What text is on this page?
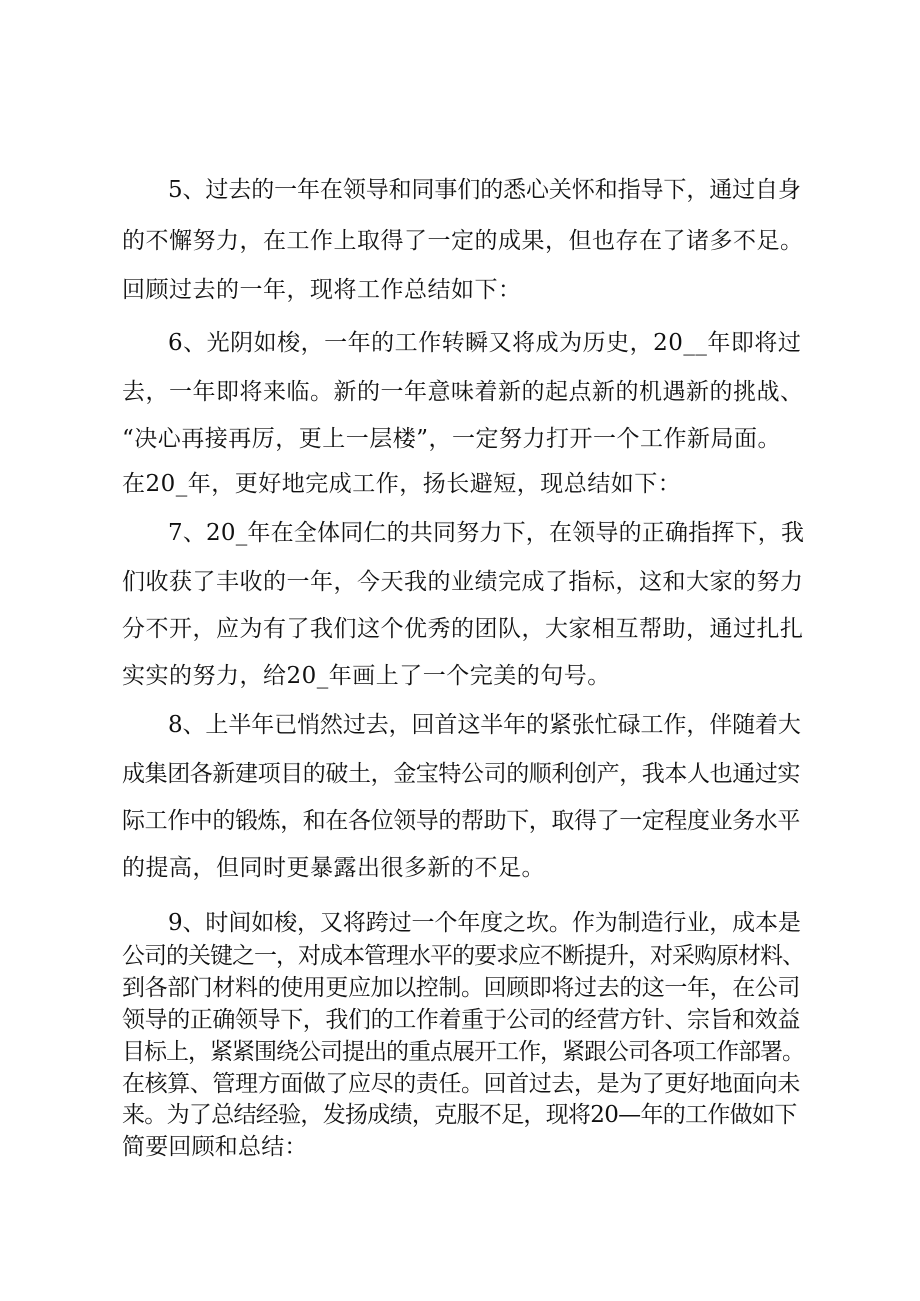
5、过去的一年在领导和同事们的悉心关怀和指导下，通过自身
的不懈努力，在工作上取得了一定的成果，但也存在了诸多不足。
回顾过去的一年，现将工作总结如下：
6、光阴如梭，一年的工作转瞬又将成为历史，20__年即将过
去，一年即将来临。新的一年意味着新的起点新的机遇新的挑战、
“决心再接再厉，更上一层楼”，一定努力打开一个工作新局面。
在20_年，更好地完成工作，扬长避短，现总结如下：
7、20_年在全体同仁的共同努力下，在领导的正确指挥下，我
们收获了丰收的一年，今天我的业绩完成了指标，这和大家的努力
分不开，应为有了我们这个优秀的团队，大家相互帮助，通过扎扎
实实的努力，给20_年画上了一个完美的句号。
8、上半年已悄然过去，回首这半年的紧张忙碌工作，伴随着大
成集团各新建项目的破土，金宝特公司的顺利创产，我本人也通过实
际工作中的锻炼，和在各位领导的帮助下，取得了一定程度业务水平
的提高，但同时更暴露出很多新的不足。
9、时间如梭，又将跨过一个年度之坎。作为制造行业，成本是
公司的关键之一，对成本管理水平的要求应不断提升，对采购原材料、
到各部门材料的使用更应加以控制。回顾即将过去的这一年，在公司
领导的正确领导下，我们的工作着重于公司的经营方针、宗旨和效益
目标上，紧紧围绕公司提出的重点展开工作，紧跟公司各项工作部署。
在核算、管理方面做了应尽的责任。回首过去，是为了更好地面向未
来。为了总结经验，发扬成绩，克服不足，现将20—年的工作做如下
简要回顾和总结：
